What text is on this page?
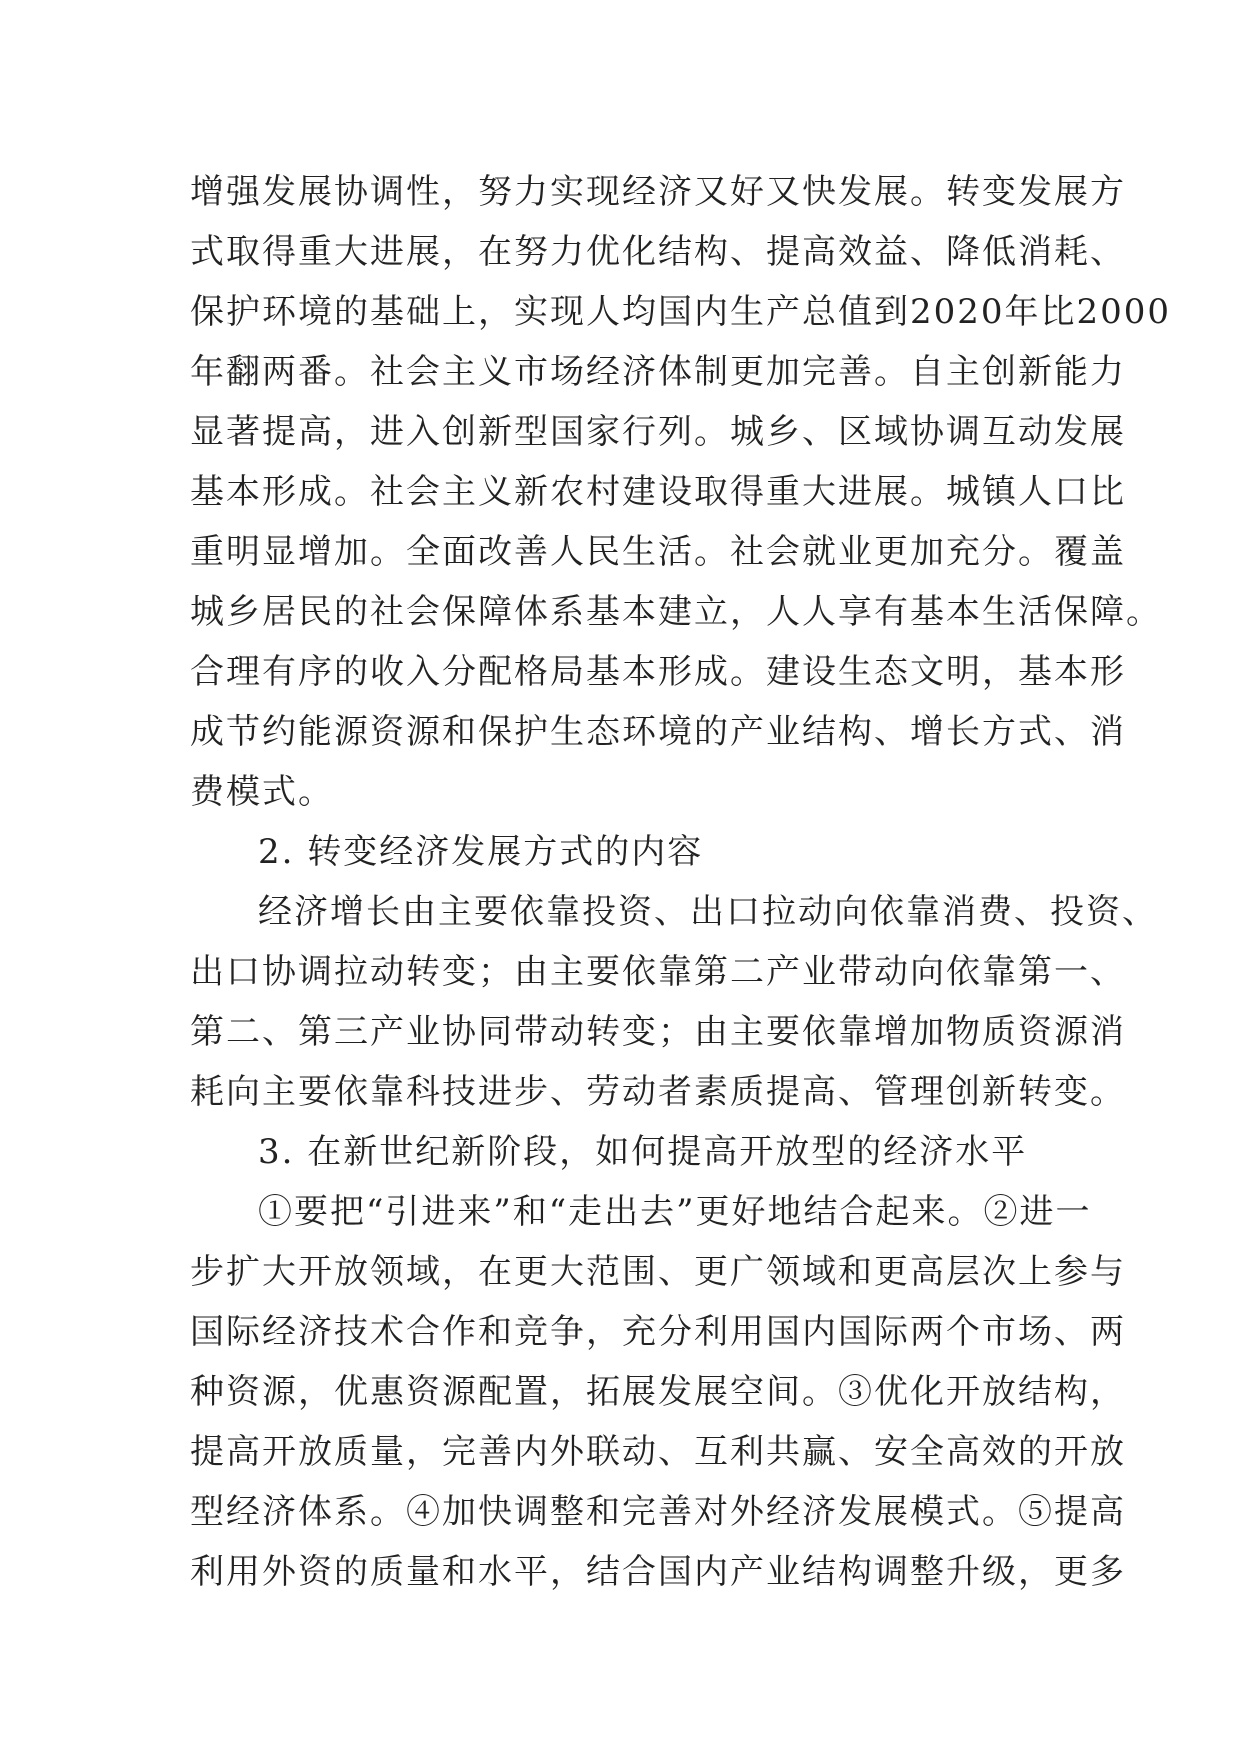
增强发展协调性，努力实现经济又好又快发展。转变发展方
式取得重大进展，在努力优化结构、提高效益、降低消耗、
保护环境的基础上，实现人均国内生产总值到2020年比2000
年翻两番。社会主义市场经济体制更加完善。自主创新能力
显著提高，进入创新型国家行列。城乡、区域协调互动发展
基本形成。社会主义新农村建设取得重大进展。城镇人口比
重明显增加。全面改善人民生活。社会就业更加充分。覆盖
城乡居民的社会保障体系基本建立，人人享有基本生活保障。
合理有序的收入分配格局基本形成。建设生态文明，基本形
成节约能源资源和保护生态环境的产业结构、增长方式、消
费模式。
2. 转变经济发展方式的内容
经济增长由主要依靠投资、出口拉动向依靠消费、投资、
出口协调拉动转变；由主要依靠第二产业带动向依靠第一、
第二、第三产业协同带动转变；由主要依靠增加物质资源消
耗向主要依靠科技进步、劳动者素质提高、管理创新转变。
3. 在新世纪新阶段，如何提高开放型的经济水平
①要把“引进来”和“走出去”更好地结合起来。②进一
步扩大开放领域，在更大范围、更广领域和更高层次上参与
国际经济技术合作和竞争，充分利用国内国际两个市场、两
种资源，优惠资源配置，拓展发展空间。③优化开放结构，
提高开放质量，完善内外联动、互利共赢、安全高效的开放
型经济体系。④加快调整和完善对外经济发展模式。⑤提高
利用外资的质量和水平，结合国内产业结构调整升级，更多
